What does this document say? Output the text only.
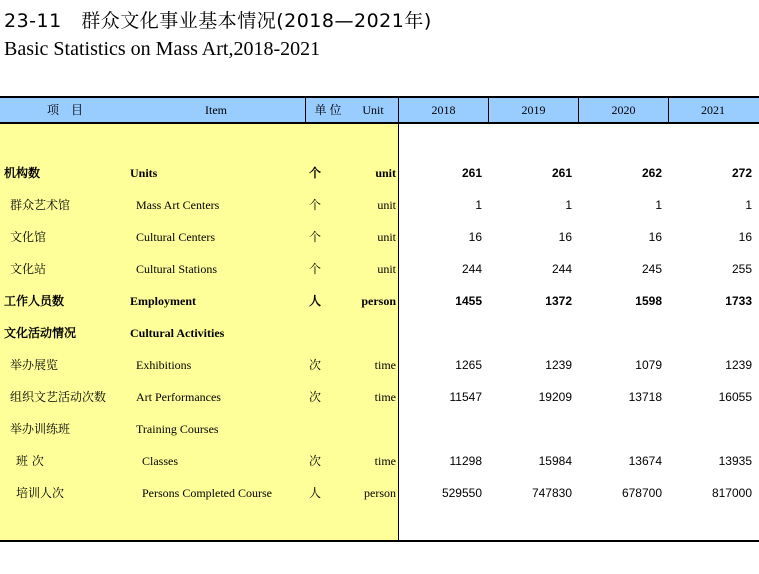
23-11　群众文化事业基本情况(2018—2021年)
Basic Statistics on Mass Art,2018-2021
项　目	Item	单 位	Unit	2018	2019	2020	2021
机构数	Units	个	unit	261	261	262	272
群众艺术馆	Mass Art Centers	个	unit	1	1	1	1
文化馆	Cultural Centers	个	unit	16	16	16	16
文化站	Cultural Stations	个	unit	244	244	245	255
工作人员数	Employment	人	person	1455	1372	1598	1733
文化活动情况	Cultural Activities
举办展览	Exhibitions	次	time	1265	1239	1079	1239
组织文艺活动次数 Art Performances	次	time	11547	19209	13718	16055
举办训练班	Training Courses
班 次	Classes	次	time	11298	15984	13674	13935
培训人次	Persons Completed Course	人	person	529550	747830	678700	817000
